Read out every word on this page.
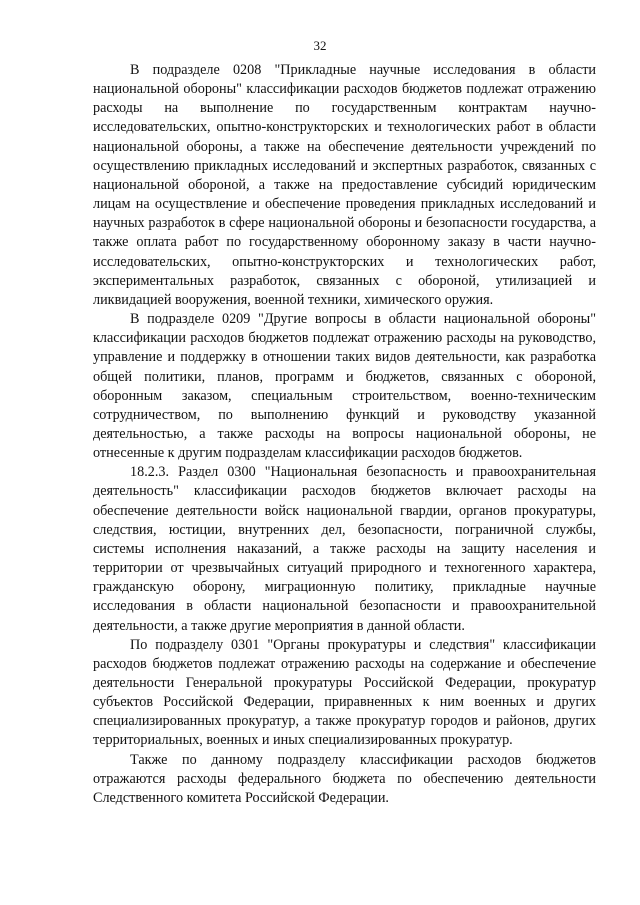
32

В подразделе 0208 "Прикладные научные исследования в области национальной обороны" классификации расходов бюджетов подлежат отражению расходы на выполнение по государственным контрактам научно-исследовательских, опытно-конструкторских и технологических работ в области национальной обороны, а также на обеспечение деятельности учреждений по осуществлению прикладных исследований и экспертных разработок, связанных с национальной обороной, а также на предоставление субсидий юридическим лицам на осуществление и обеспечение проведения прикладных исследований и научных разработок в сфере национальной обороны и безопасности государства, а также оплата работ по государственному оборонному заказу в части научно-исследовательских, опытно-конструкторских и технологических работ, экспериментальных разработок, связанных с обороной, утилизацией и ликвидацией вооружения, военной техники, химического оружия.

В подразделе 0209 "Другие вопросы в области национальной обороны" классификации расходов бюджетов подлежат отражению расходы на руководство, управление и поддержку в отношении таких видов деятельности, как разработка общей политики, планов, программ и бюджетов, связанных с обороной, оборонным заказом, специальным строительством, военно-техническим сотрудничеством, по выполнению функций и руководству указанной деятельностью, а также расходы на вопросы национальной обороны, не отнесенные к другим подразделам классификации расходов бюджетов.

18.2.3. Раздел 0300 "Национальная безопасность и правоохранительная деятельность" классификации расходов бюджетов включает расходы на обеспечение деятельности войск национальной гвардии, органов прокуратуры, следствия, юстиции, внутренних дел, безопасности, пограничной службы, системы исполнения наказаний, а также расходы на защиту населения и территории от чрезвычайных ситуаций природного и техногенного характера, гражданскую оборону, миграционную политику, прикладные научные исследования в области национальной безопасности и правоохранительной деятельности, а также другие мероприятия в данной области.

По подразделу 0301 "Органы прокуратуры и следствия" классификации расходов бюджетов подлежат отражению расходы на содержание и обеспечение деятельности Генеральной прокуратуры Российской Федерации, прокуратур субъектов Российской Федерации, приравненных к ним военных и других специализированных прокуратур, а также прокуратур городов и районов, других территориальных, военных и иных специализированных прокуратур.

Также по данному подразделу классификации расходов бюджетов отражаются расходы федерального бюджета по обеспечению деятельности Следственного комитета Российской Федерации.
